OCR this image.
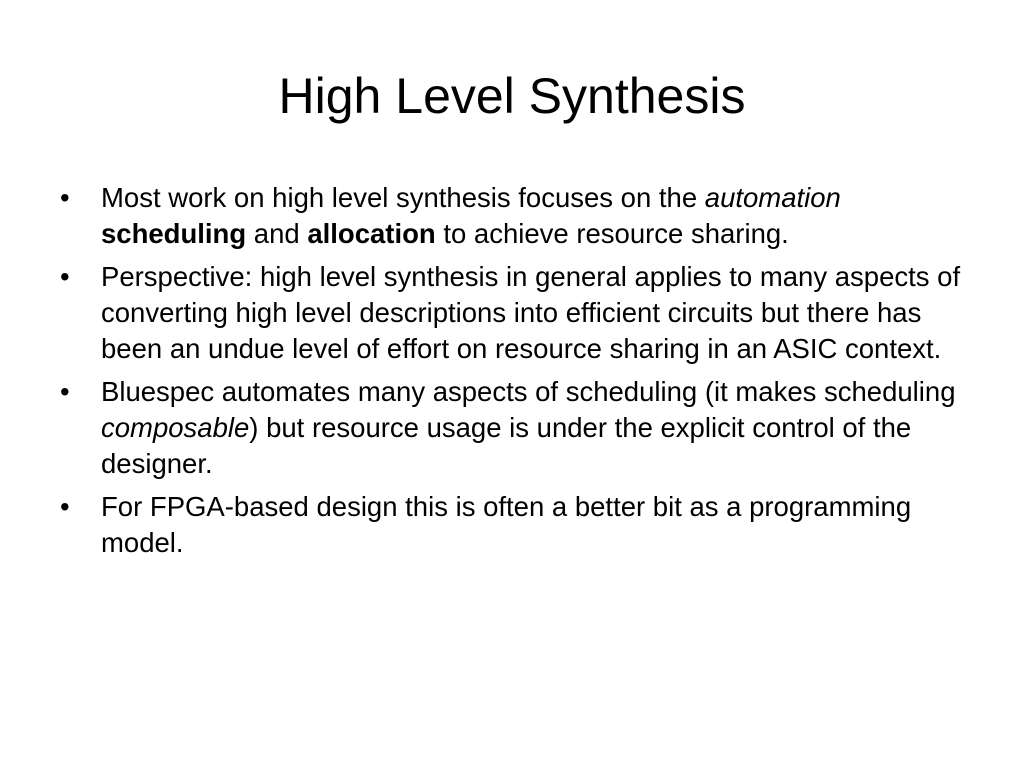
High Level Synthesis
•	Most work on high level synthesis focuses on the automation scheduling and allocation to achieve resource sharing.
•	Perspective: high level synthesis in general applies to many aspects of converting high level descriptions into efficient circuits but there has been an undue level of effort on resource sharing in an ASIC context.
•	Bluespec automates many aspects of scheduling (it makes scheduling composable) but resource usage is under the explicit control of the designer.
•	For FPGA-based design this is often a better bit as a programming model.
